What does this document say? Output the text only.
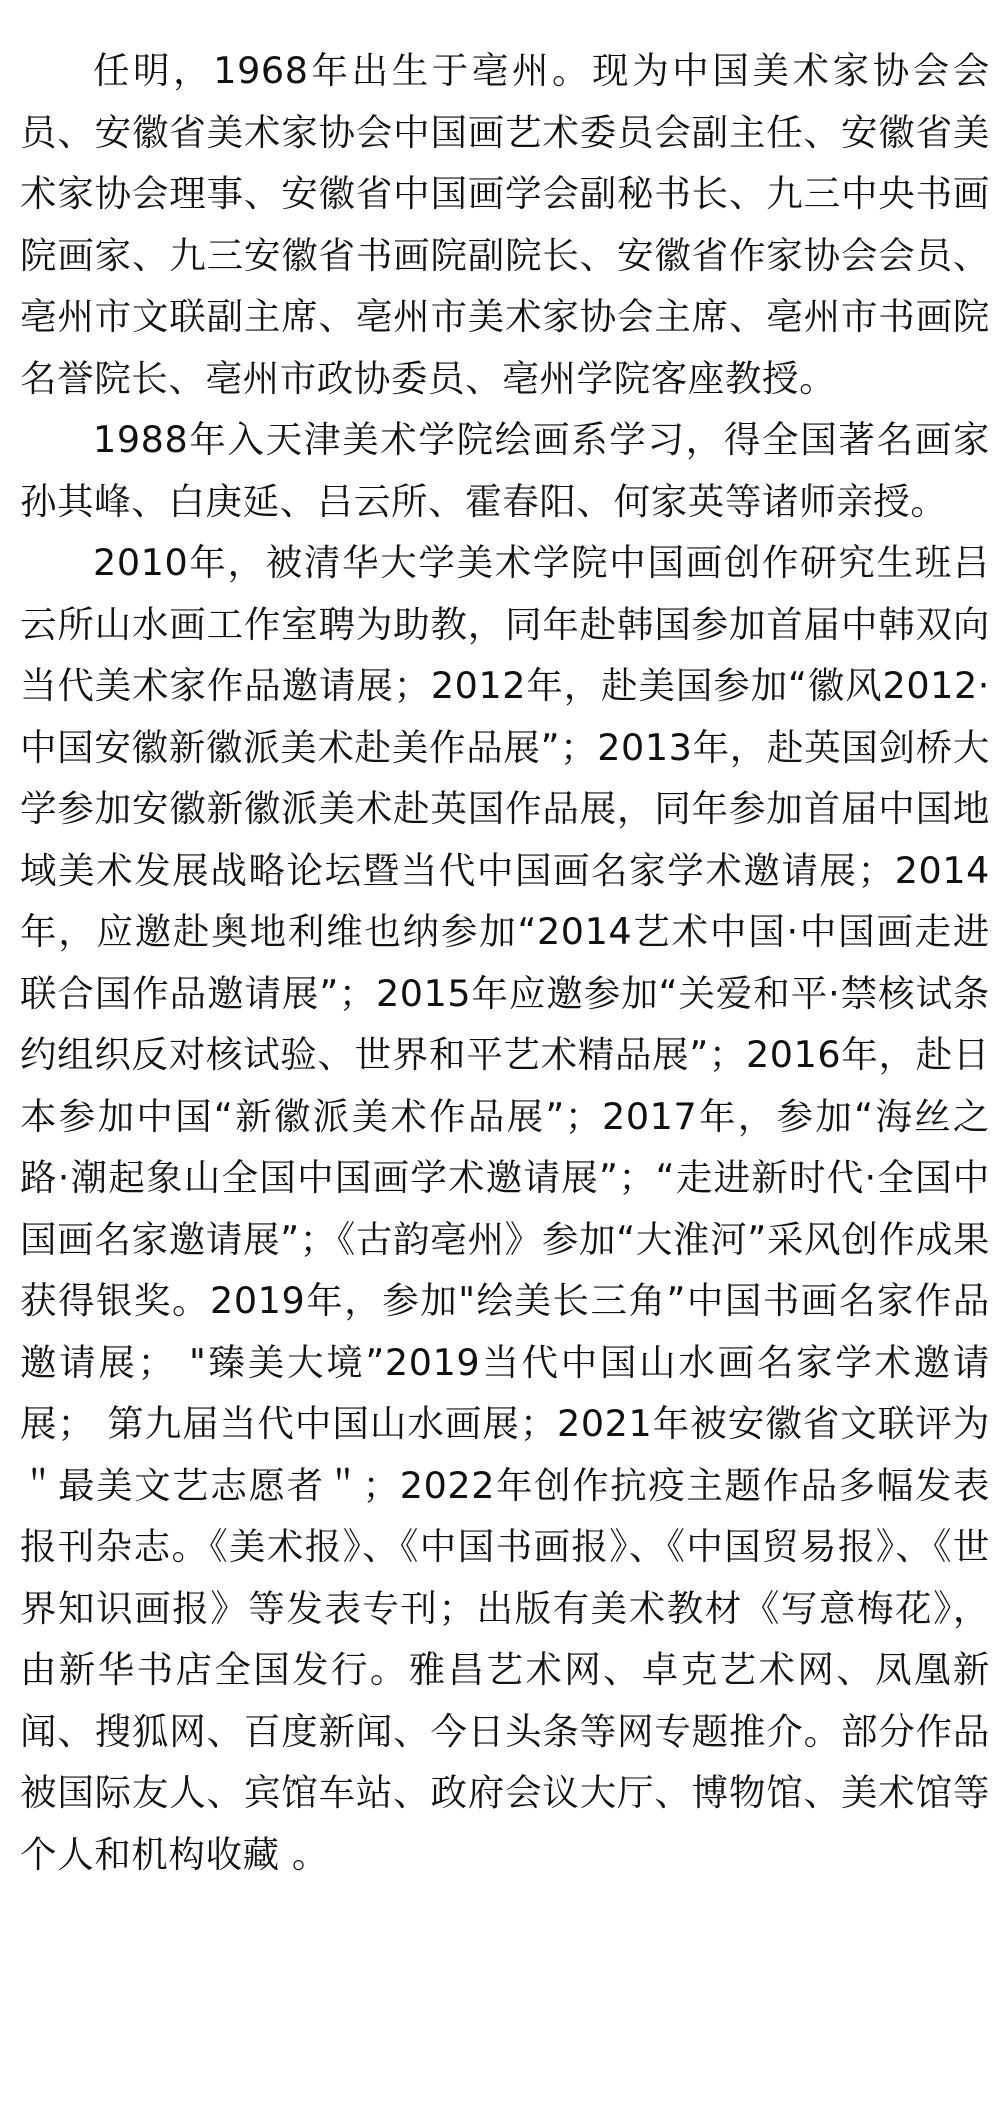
任明，1968年出生于亳州。现为中国美术家协会会员、安徽省美术家协会中国画艺术委员会副主任、安徽省美术家协会理事、安徽省中国画学会副秘书长、九三中央书画院画家、九三安徽省书画院副院长、安徽省作家协会会员、亳州市文联副主席、亳州市美术家协会主席、亳州市书画院名誉院长、亳州市政协委员、亳州学院客座教授。

1988年入天津美术学院绘画系学习，得全国著名画家孙其峰、白庚延、吕云所、霍春阳、何家英等诸师亲授。

2010年，被清华大学美术学院中国画创作研究生班吕云所山水画工作室聘为助教，同年赴韩国参加首届中韩双向当代美术家作品邀请展；2012年，赴美国参加“徽风2012·中国安徽新徽派美术赴美作品展”；2013年，赴英国剑桥大学参加安徽新徽派美术赴英国作品展，同年参加首届中国地域美术发展战略论坛暨当代中国画名家学术邀请展；2014年，应邀赴奥地利维也纳参加“2014艺术中国·中国画走进联合国作品邀请展”；2015年应邀参加“关爱和平·禁核试条约组织反对核试验、世界和平艺术精品展”；2016年，赴日本参加中国“新徽派美术作品展”；2017年，参加“海丝之路·潮起象山全国中国画学术邀请展”；“走进新时代·全国中国画名家邀请展”；《古韵亳州》参加“大淮河”采风创作成果获得银奖。2019年，参加"绘美长三角”中国书画名家作品邀请展； "臻美大境”2019当代中国山水画名家学术邀请展； 第九届当代中国山水画展；2021年被安徽省文联评为＂最美文艺志愿者＂；2022年创作抗疫主题作品多幅发表报刊杂志。《美术报》、《中国书画报》、《中国贸易报》、《世界知识画报》等发表专刊；出版有美术教材《写意梅花》，由新华书店全国发行。雅昌艺术网、卓克艺术网、凤凰新闻、搜狐网、百度新闻、今日头条等网专题推介。部分作品被国际友人、宾馆车站、政府会议大厅、博物馆、美术馆等个人和机构收藏 。
